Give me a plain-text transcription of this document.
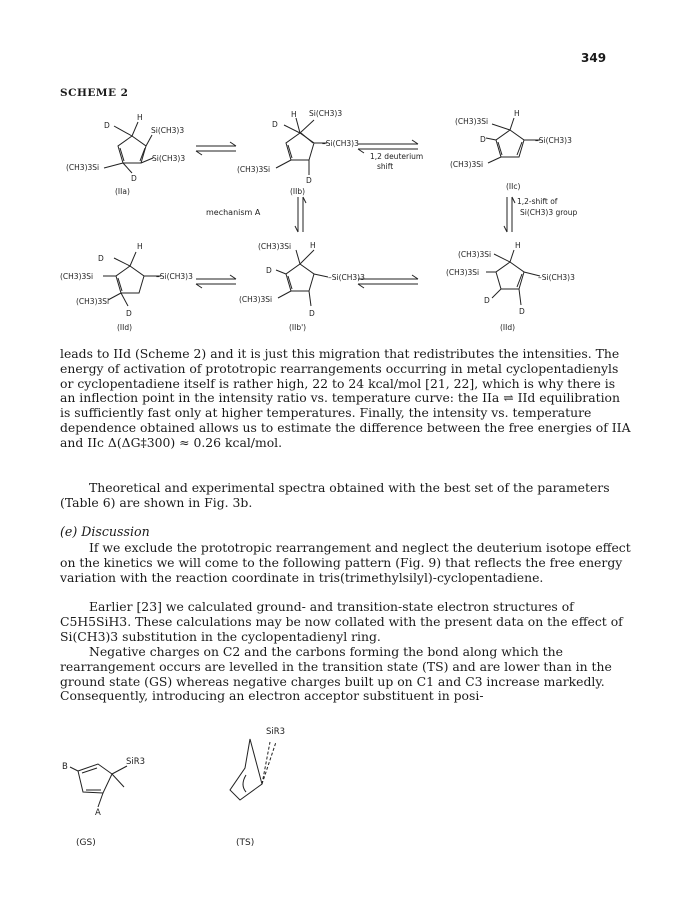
349
SCHEME 2
H
D
Si(CH3)3
Si(CH3)3
(CH3)3Si
D
(IIa)
H Si(CH3)3
D
–Si(CH3)3
(CH3)3Si
D
(IIb)
1,2 deuterium
shift
(CH3)3Si
H
D	–Si(CH3)3
(CH3)3Si
(IIc)
mechanism A
1,2-shift of
Si(CH3)3 group
H
D
(CH3)3Si	–Si(CH3)3
(CH3)3Si
D
(IId)
(CH3)3Si	H
D
–Si(CH3)3
(CH3)3Si
D
(IIb')
(CH3)3Si
H
(CH3)3Si
–Si(CH3)3
D
D
(IId)

leads to IId (Scheme 2) and it is just this migration that redistributes the intensities. The energy of activation of prototropic rearrangements occurring in metal cyclopentadienyls or cyclopentadiene itself is rather high, 22 to 24 kcal/mol [21, 22], which is why there is an inflection point in the intensity ratio vs. temperature curve: the IIa ⇌ IId equilibration is sufficiently fast only at higher temperatures. Finally, the intensity vs. temperature dependence obtained allows us to estimate the difference between the free energies of IIA and IIc Δ(ΔG‡300) ≈ 0.26 kcal/mol.

Theoretical and experimental spectra obtained with the best set of the parameters (Table 6) are shown in Fig. 3b.

(e) Discussion

If we exclude the prototropic rearrangement and neglect the deuterium isotope effect on the kinetics we will come to the following pattern (Fig. 9) that reflects the free energy variation with the reaction coordinate in tris(trimethylsilyl)-cyclopentadiene.

Earlier [23] we calculated ground- and transition-state electron structures of C5H5SiH3. These calculations may be now collated with the present data on the effect of Si(CH3)3 substitution in the cyclopentadienyl ring.

Negative charges on C2 and the carbons forming the bond along which the rearrangement occurs are levelled in the transition state (TS) and are lower than in the ground state (GS) whereas negative charges built up on C1 and C3 increase markedly. Consequently, introducing an electron acceptor substituent in posi-

SiR3
SiR3
B
A
(GS)	(TS)
